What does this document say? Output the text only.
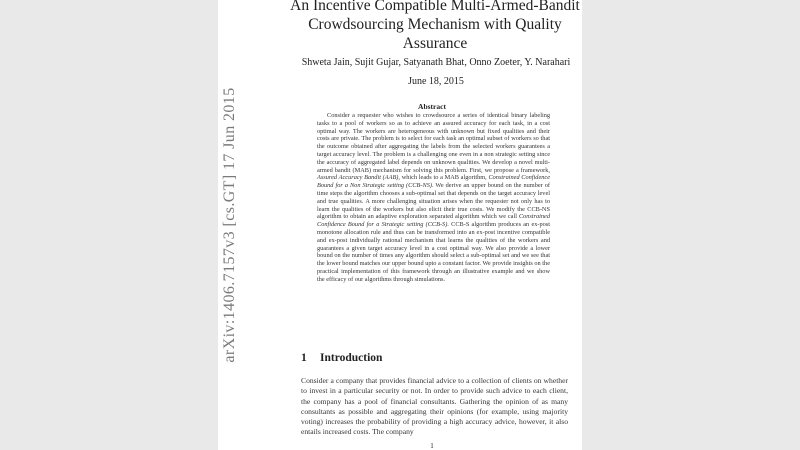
arXiv:1406.7157v3 [cs.GT] 17 Jun 2015
An Incentive Compatible Multi-Armed-Bandit Crowdsourcing Mechanism with Quality Assurance
Shweta Jain, Sujit Gujar, Satyanath Bhat, Onno Zoeter, Y. Narahari
June 18, 2015
Abstract
Consider a requester who wishes to crowdsource a series of identical binary labeling tasks to a pool of workers so as to achieve an assured accuracy for each task, in a cost optimal way. The workers are heterogeneous with unknown but fixed qualities and their costs are private. The problem is to select for each task an optimal subset of workers so that the outcome obtained after aggregating the labels from the selected workers guarantees a target accuracy level. The problem is a challenging one even in a non strategic setting since the accuracy of aggregated label depends on unknown qualities. We develop a novel multi-armed bandit (MAB) mechanism for solving this problem. First, we propose a framework, Assured Accuracy Bandit (AAB), which leads to a MAB algorithm, Constrained Confidence Bound for a Non Strategic setting (CCB-NS). We derive an upper bound on the number of time steps the algorithm chooses a sub-optimal set that depends on the target accuracy level and true qualities. A more challenging situation arises when the requester not only has to learn the qualities of the workers but also elicit their true costs. We modify the CCB-NS algorithm to obtain an adaptive exploration separated algorithm which we call Constrained Confidence Bound for a Strategic setting (CCB-S). CCB-S algorithm produces an ex-post monotone allocation rule and thus can be transformed into an ex-post incentive compatible and ex-post individually rational mechanism that learns the qualities of the workers and guarantees a given target accuracy level in a cost optimal way. We also provide a lower bound on the number of times any algorithm should select a sub-optimal set and we see that the lower bound matches our upper bound upto a constant factor. We provide insights on the practical implementation of this framework through an illustrative example and we show the efficacy of our algorithms through simulations.
1 Introduction
Consider a company that provides financial advice to a collection of clients on whether to invest in a particular security or not. In order to provide such advice to each client, the company has a pool of financial consultants. Gathering the opinion of as many consultants as possible and aggregating their opinions (for example, using majority voting) increases the probability of providing a high accuracy advice, however, it also entails increased costs. The company
1
